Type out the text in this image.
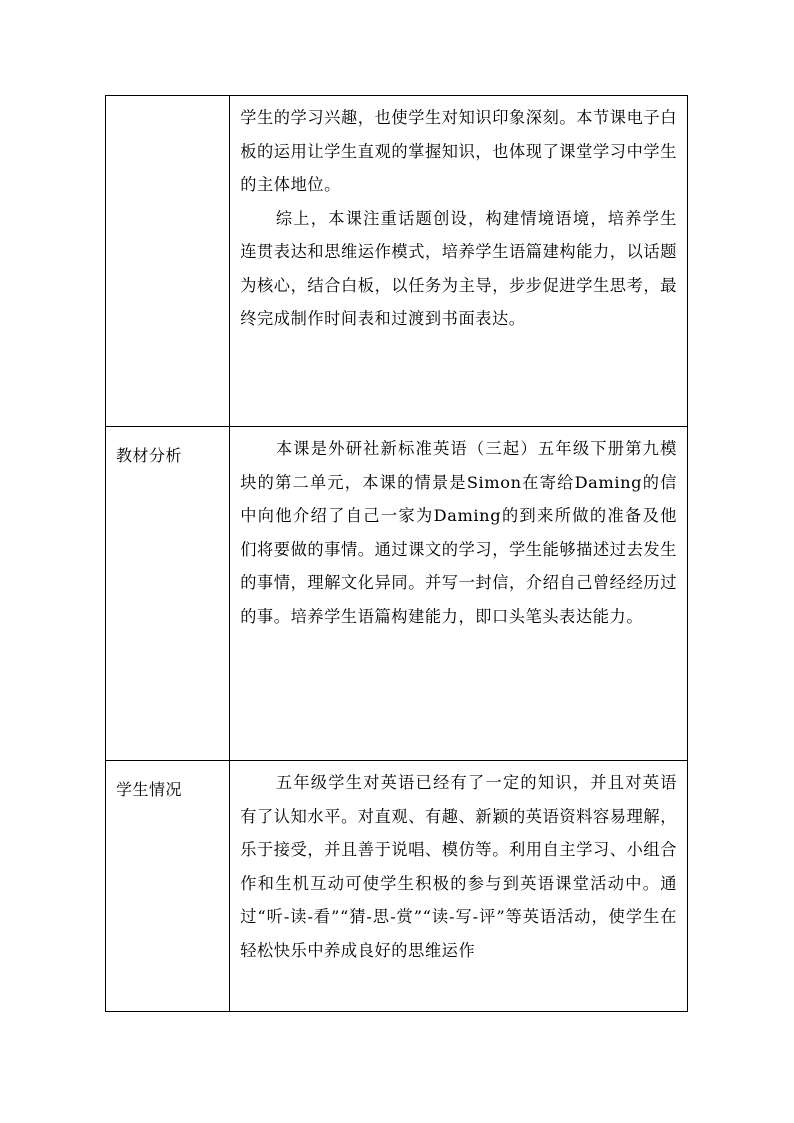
	学生的学习兴趣，也使学生对知识印象深刻。本节课电子白板的运用让学生直观的掌握知识，也体现了课堂学习中学生的主体地位。

综上，本课注重话题创设，构建情境语境，培养学生连贯表达和思维运作模式，培养学生语篇建构能力，以话题为核心，结合白板，以任务为主导，步步促进学生思考，最终完成制作时间表和过渡到书面表达。

教材分析	本课是外研社新标准英语（三起）五年级下册第九模块的第二单元，本课的情景是Simon在寄给Daming的信中向他介绍了自己一家为Daming的到来所做的准备及他们将要做的事情。通过课文的学习，学生能够描述过去发生的事情，理解文化异同。并写一封信，介绍自己曾经经历过的事。培养学生语篇构建能力，即口头笔头表达能力。

学生情况	五年级学生对英语已经有了一定的知识，并且对英语有了认知水平。对直观、有趣、新颖的英语资料容易理解，乐于接受，并且善于说唱、模仿等。利用自主学习、小组合作和生机互动可使学生积极的参与到英语课堂活动中。通过“听-读-看”“猜-思-赏”“读-写-评”等英语活动，使学生在轻松快乐中养成良好的思维运作
